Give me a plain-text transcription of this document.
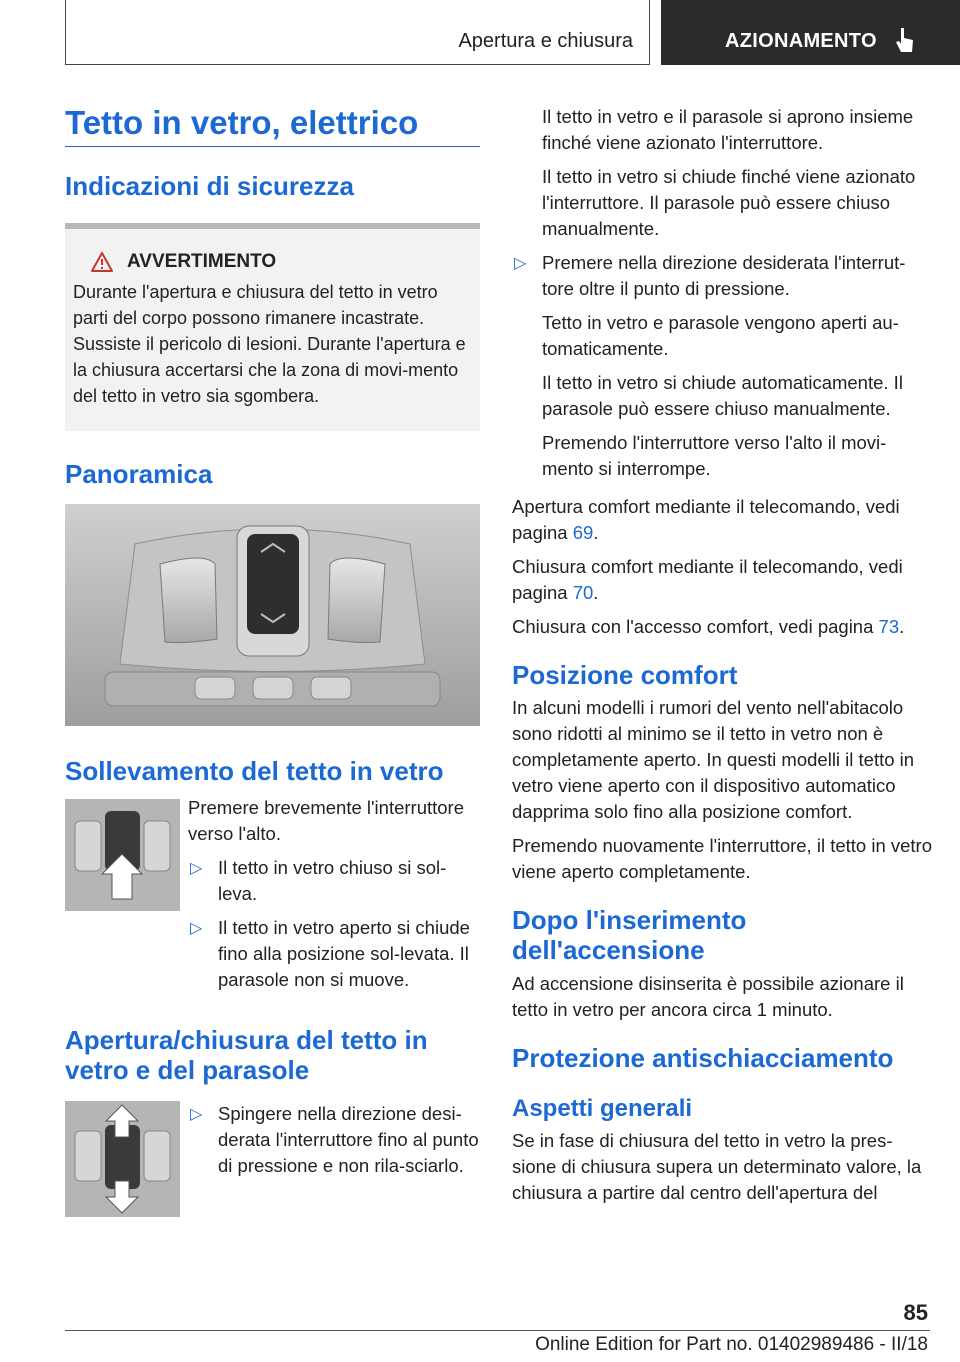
Apertura e chiusura	AZIONAMENTO
Tetto in vetro, elettrico
Indicazioni di sicurezza
AVVERTIMENTO
Durante l'apertura e chiusura del tetto in vetro parti del corpo possono rimanere incastrate. Sussiste il pericolo di lesioni. Durante l'apertura e la chiusura accertarsi che la zona di movi‐mento del tetto in vetro sia sgombera.
Panoramica
Sollevamento del tetto in vetro

Premere brevemente l'interruttore verso l'alto.

▷ Il tetto in vetro chiuso si sol‐leva.
▷ Il tetto in vetro aperto si chiude fino alla posizione sol‐levata. Il parasole non si muove.
Apertura/chiusura del tetto in vetro e del parasole
▷ Spingere nella direzione desi‐derata l'interruttore fino al punto di pressione e non rila‐sciarlo.

Il tetto in vetro e il parasole si aprono insieme finché viene azionato l'interruttore.

Il tetto in vetro si chiude finché viene azionato l'interruttore. Il parasole può essere chiuso manualmente.

▷ Premere nella direzione desiderata l'interrut‐tore oltre il punto di pressione.

Tetto in vetro e parasole vengono aperti au‐tomaticamente.

Il tetto in vetro si chiude automaticamente. Il parasole può essere chiuso manualmente.

Premendo l'interruttore verso l'alto il movi‐mento si interrompe.

Apertura comfort mediante il telecomando, vedi pagina 69.

Chiusura comfort mediante il telecomando, vedi pagina 70.

Chiusura con l'accesso comfort, vedi pagina 73.

Posizione comfort

In alcuni modelli i rumori del vento nell'abitacolo sono ridotti al minimo se il tetto in vetro non è completamente aperto. In questi modelli il tetto in vetro viene aperto con il dispositivo automatico dapprima solo fino alla posizione comfort.

Premendo nuovamente l'interruttore, il tetto in vetro viene aperto completamente.

Dopo l'inserimento dell'accensione

Ad accensione disinserita è possibile azionare il tetto in vetro per ancora circa 1 minuto.

Protezione antischiacciamento
Aspetti generali

Se in fase di chiusura del tetto in vetro la pres‐sione di chiusura supera un determinato valore, la chiusura a partire dal centro dell'apertura del

85
Online Edition for Part no. 01402989486 - II/18
